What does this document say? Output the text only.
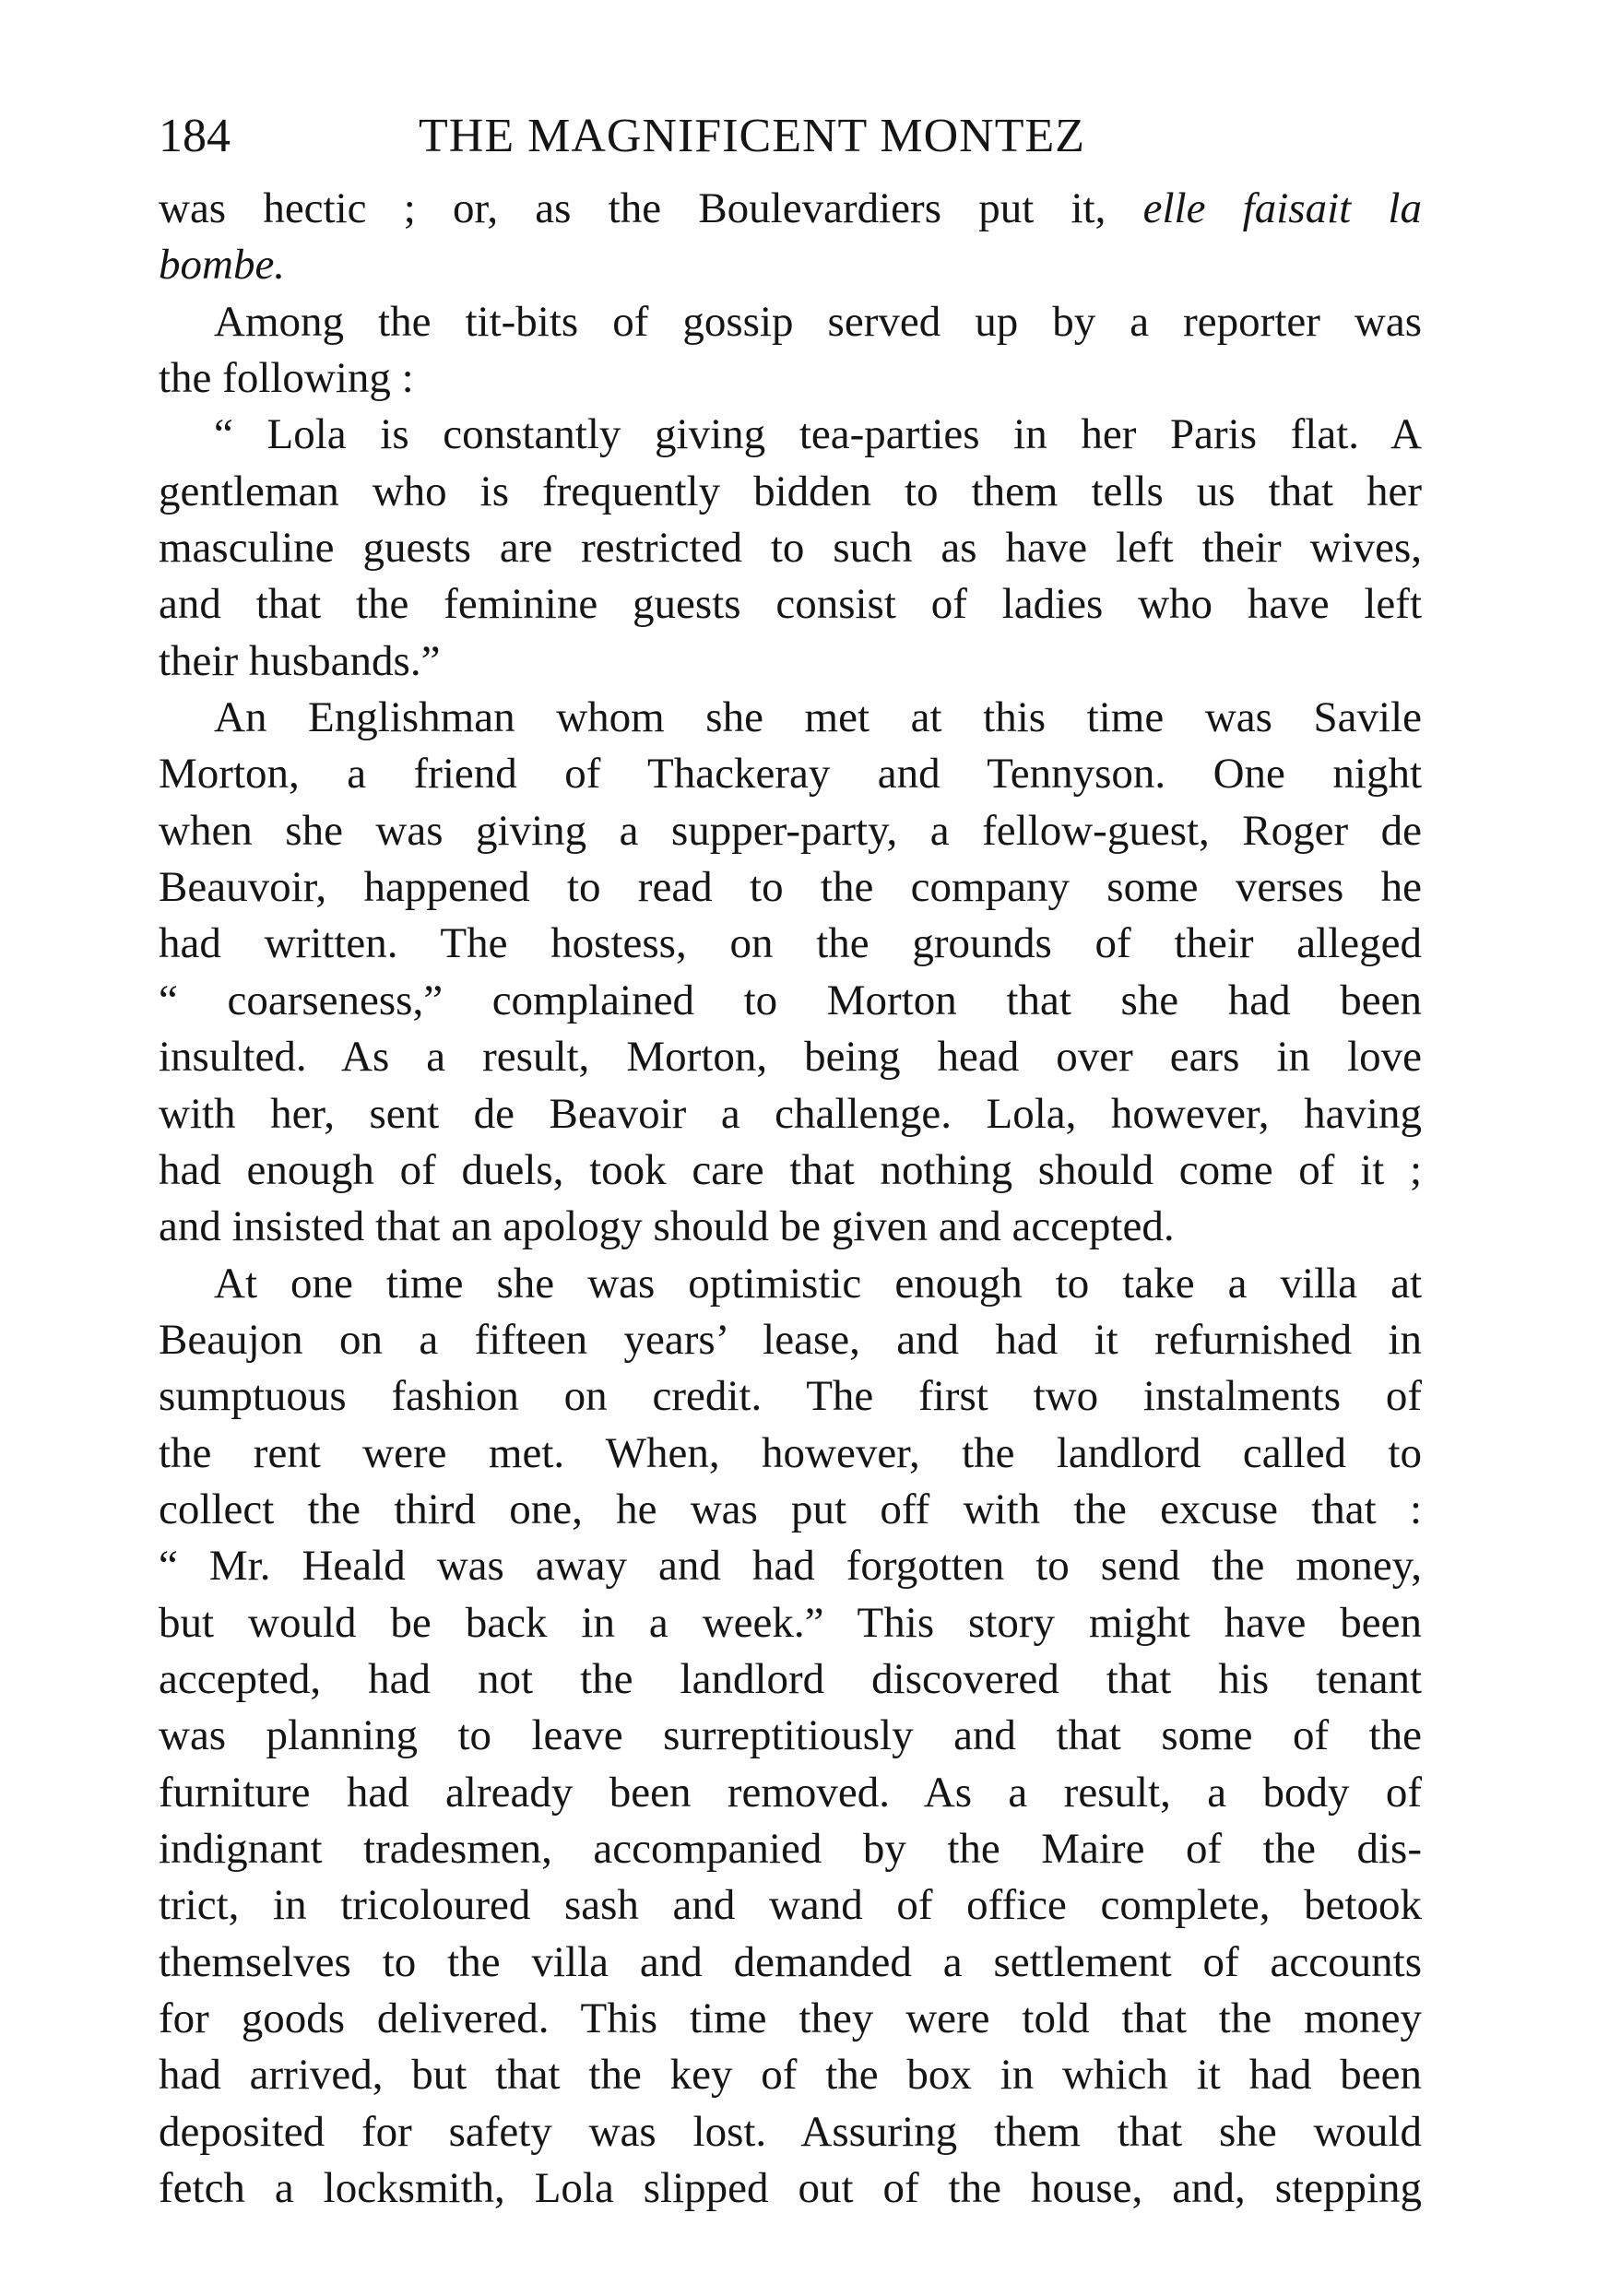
184	THE MAGNIFICENT MONTEZ
was hectic ; or, as the Boulevardiers put it, elle faisait la
bombe.
Among the tit-bits of gossip served up by a reporter was
the following :
“ Lola is constantly giving tea-parties in her Paris flat. A
gentleman who is frequently bidden to them tells us that her
masculine guests are restricted to such as have left their wives,
and that the feminine guests consist of ladies who have left
their husbands.”
An Englishman whom she met at this time was Savile
Morton, a friend of Thackeray and Tennyson. One night
when she was giving a supper-party, a fellow-guest, Roger de
Beauvoir, happened to read to the company some verses he
had written. The hostess, on the grounds of their alleged
“ coarseness,” complained to Morton that she had been
insulted. As a result, Morton, being head over ears in love
with her, sent de Beavoir a challenge. Lola, however, having
had enough of duels, took care that nothing should come of it ;
and insisted that an apology should be given and accepted.
At one time she was optimistic enough to take a villa at
Beaujon on a fifteen years’ lease, and had it refurnished in
sumptuous fashion on credit. The first two instalments of
the rent were met. When, however, the landlord called to
collect the third one, he was put off with the excuse that :
“ Mr. Heald was away and had forgotten to send the money,
but would be back in a week.” This story might have been
accepted, had not the landlord discovered that his tenant
was planning to leave surreptitiously and that some of the
furniture had already been removed. As a result, a body of
indignant tradesmen, accompanied by the Maire of the dis-
trict, in tricoloured sash and wand of office complete, betook
themselves to the villa and demanded a settlement of accounts
for goods delivered. This time they were told that the money
had arrived, but that the key of the box in which it had been
deposited for safety was lost. Assuring them that she would
fetch a locksmith, Lola slipped out of the house, and, stepping
